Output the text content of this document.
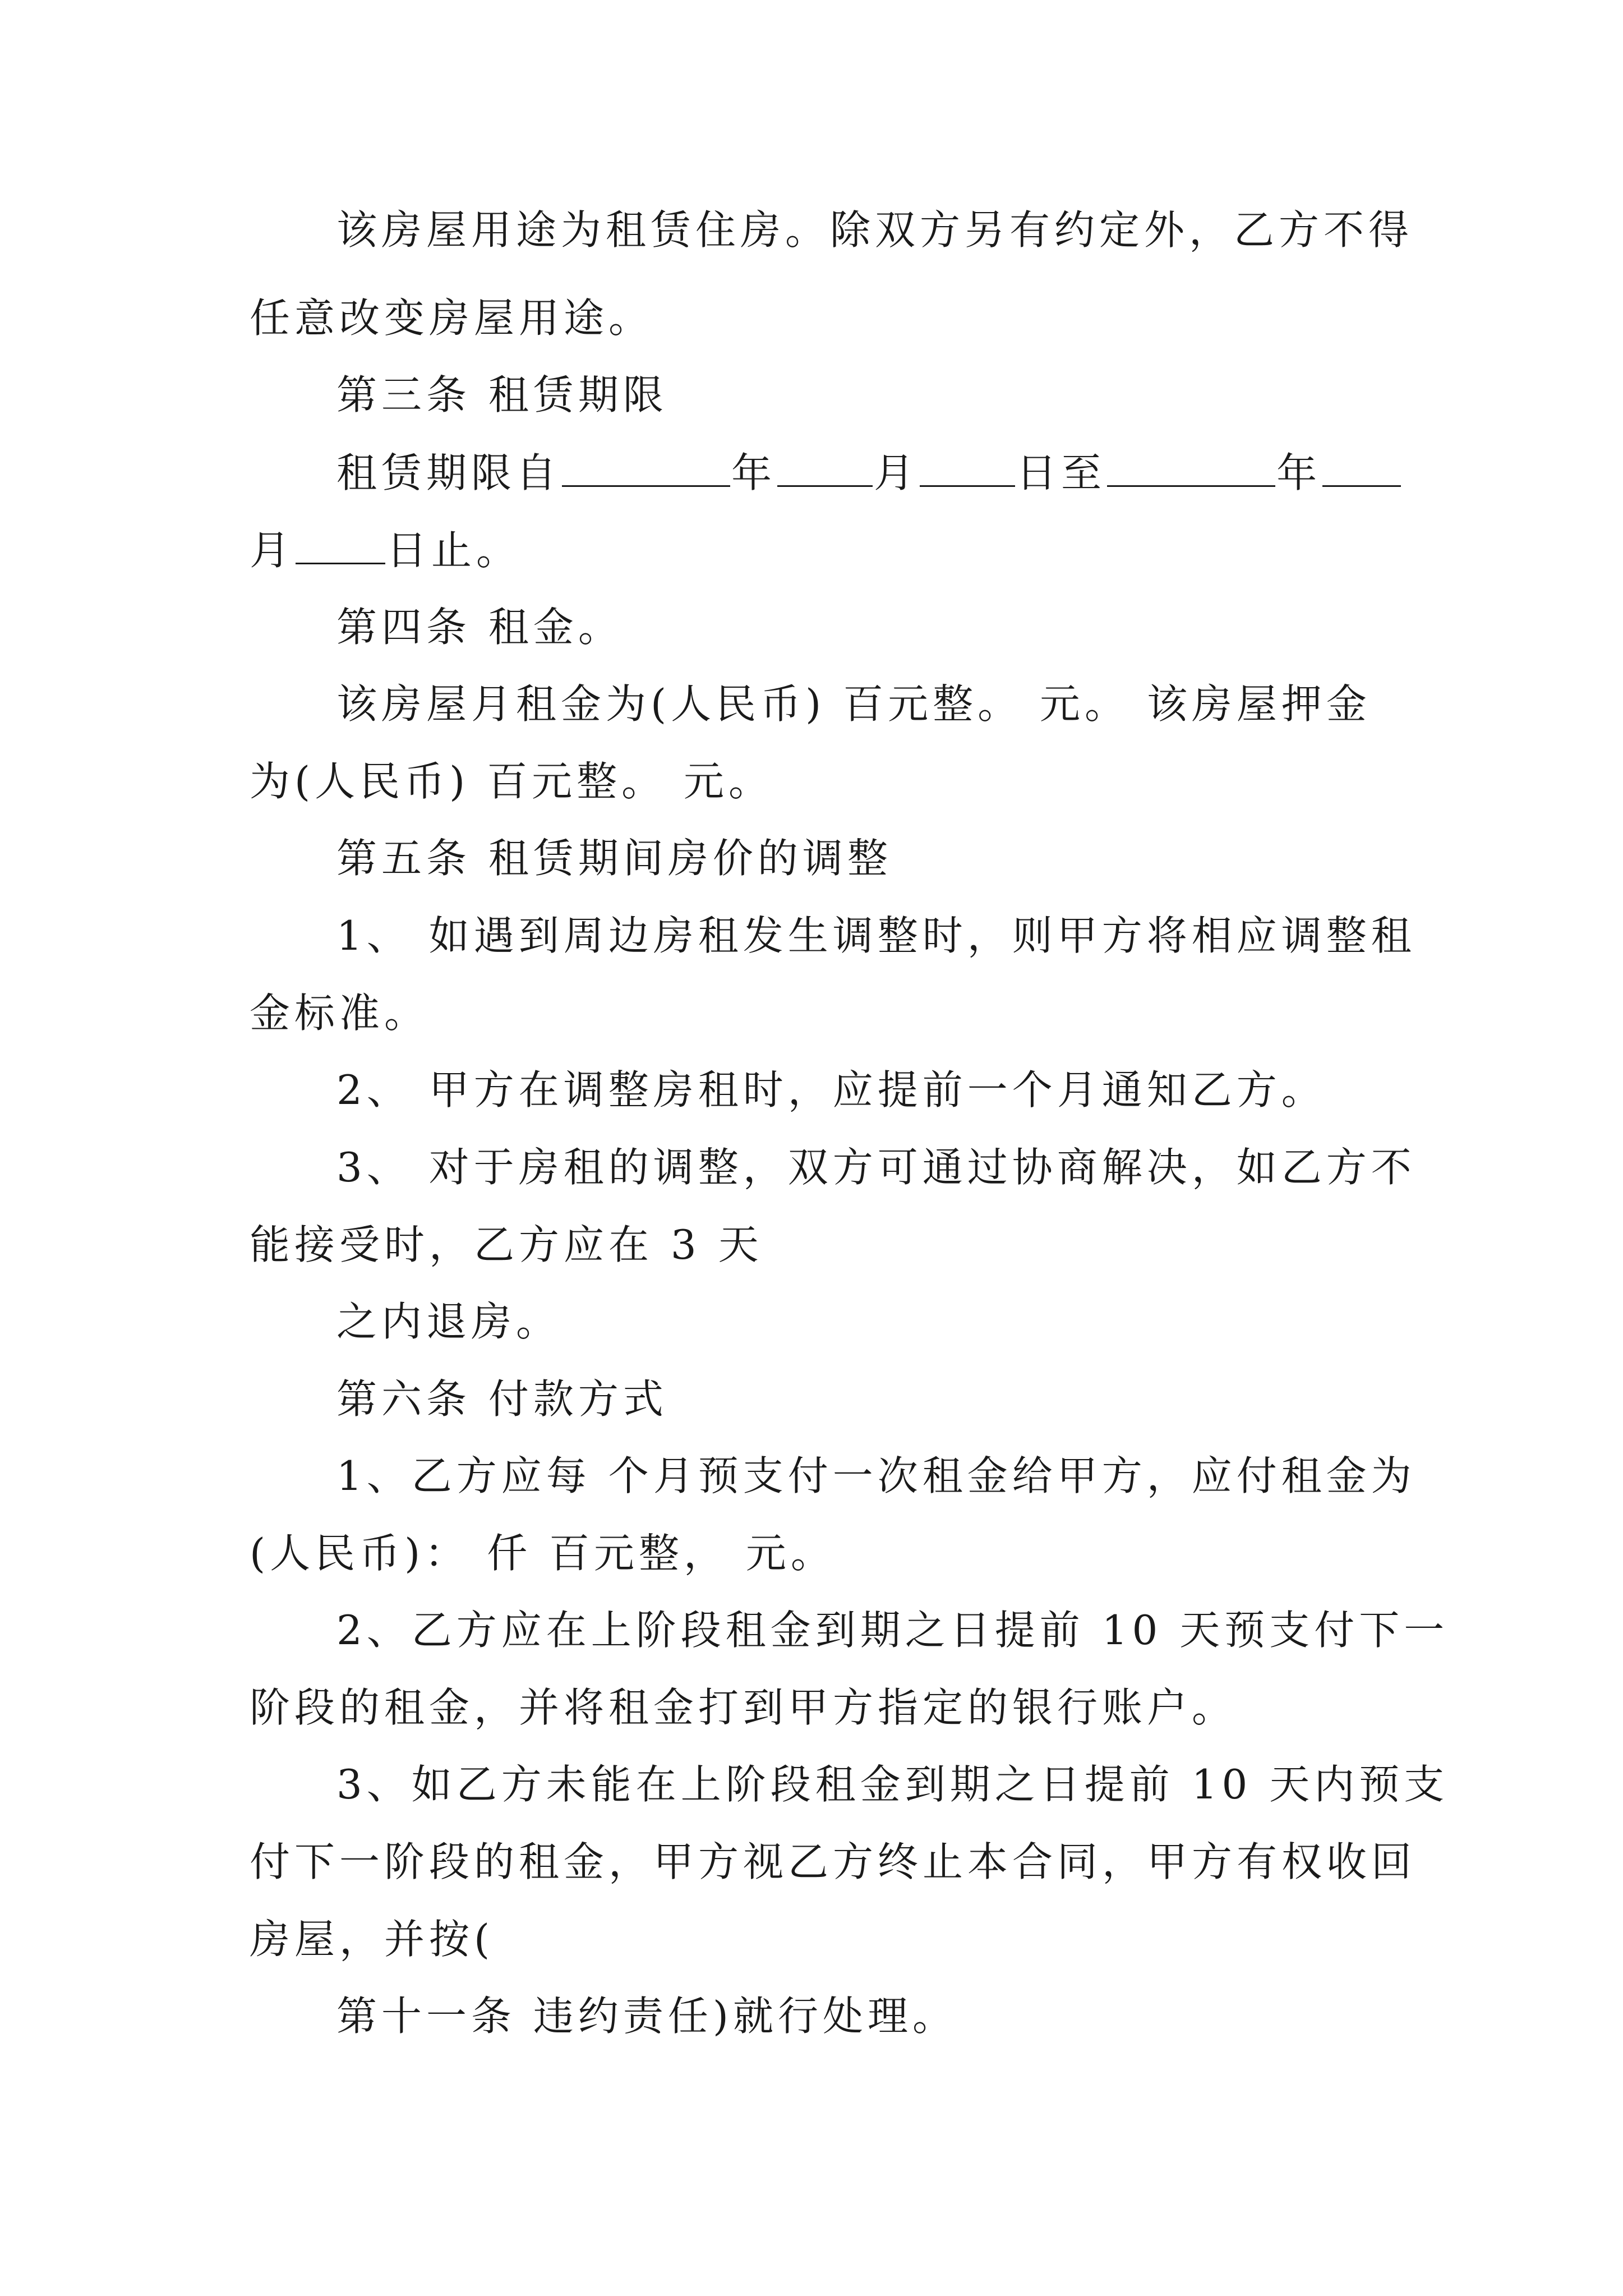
该房屋用途为租赁住房。除双方另有约定外，乙方不得

任意改变房屋用途。

第三条 租赁期限

租赁期限自	年 月 日至	年

月 日止。

第四条 租金。

该房屋月租金为(人民币) 百元整。 元。 该房屋押金

为(人民币) 百元整。 元。

第五条 租赁期间房价的调整

1、 如遇到周边房租发生调整时，则甲方将相应调整租

金标准。

2、 甲方在调整房租时，应提前一个月通知乙方。

3、 对于房租的调整，双方可通过协商解决，如乙方不

能接受时，乙方应在 3 天

之内退房。

第六条 付款方式

1、乙方应每 个月预支付一次租金给甲方，应付租金为

(人民币)： 仟 百元整， 元。

2、乙方应在上阶段租金到期之日提前 10 天预支付下一

阶段的租金，并将租金打到甲方指定的银行账户。

3、如乙方未能在上阶段租金到期之日提前 10 天内预支

付下一阶段的租金，甲方视乙方终止本合同，甲方有权收回

房屋，并按(

第十一条 违约责任)就行处理。
